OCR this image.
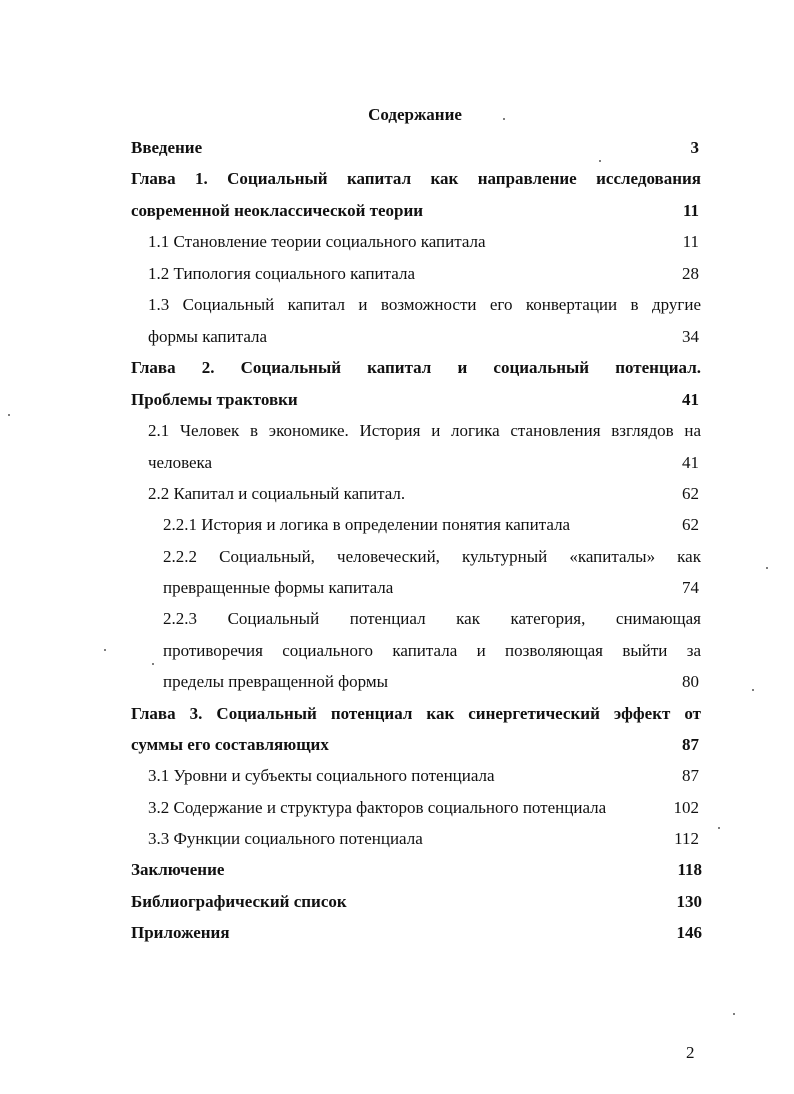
Содержание
Введение	3
Глава 1. Социальный капитал как направление исследования
современной неоклассической теории	11
1.1 Становление теории социального капитала	11
1.2 Типология социального капитала	28
1.3 Социальный капитал и возможности его конвертации в другие
формы капитала	34
Глава 2. Социальный капитал и социальный потенциал.
Проблемы трактовки	41
2.1 Человек в экономике. История и логика становления взглядов на
человека	41
2.2 Капитал и социальный капитал.	62
2.2.1 История и логика в определении понятия капитала	62
2.2.2 Социальный, человеческий, культурный «капиталы» как
превращенные формы капитала	74
2.2.3 Социальный потенциал как категория, снимающая
противоречия социального капитала и позволяющая выйти за
пределы превращенной формы	80
Глава 3. Социальный потенциал как синергетический эффект от
суммы его составляющих	87
3.1 Уровни и субъекты социального потенциала	87
3.2 Содержание и структура факторов социального потенциала	102
3.3 Функции социального потенциала	112
Заключение	118
Библиографический список	130
Приложения	146
2
